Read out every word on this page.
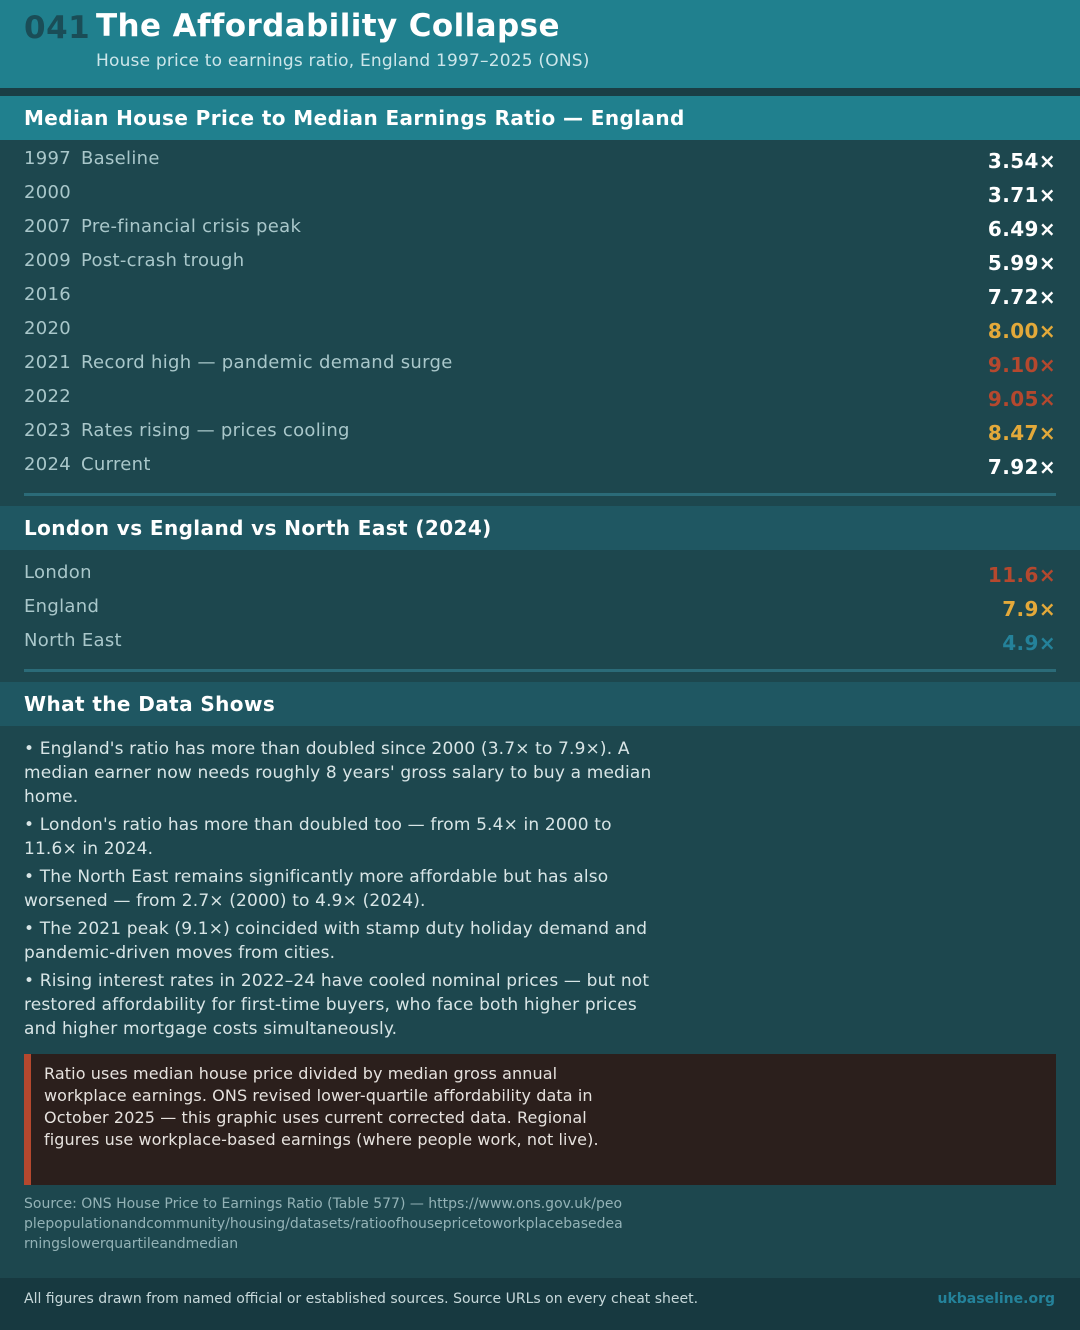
041 The Affordability Collapse
House price to earnings ratio, England 1997–2025 (ONS)
Median House Price to Median Earnings Ratio — England
1997 Baseline	3.54×
2000	3.71×
2007 Pre-financial crisis peak	6.49×
2009 Post-crash trough	5.99×
2016	7.72×
2020	8.00×
2021 Record high — pandemic demand surge	9.10×
2022	9.05×
2023 Rates rising — prices cooling	8.47×
2024 Current	7.92×
London vs England vs North East (2024)
London	11.6×
England	7.9×
North East	4.9×
What the Data Shows
• England's ratio has more than doubled since 2000 (3.7× to 7.9×). A median earner now needs roughly 8 years' gross salary to buy a median home.
• London's ratio has more than doubled too — from 5.4× in 2000 to 11.6× in 2024.
• The North East remains significantly more affordable but has also worsened — from 2.7× (2000) to 4.9× (2024).
• The 2021 peak (9.1×) coincided with stamp duty holiday demand and pandemic-driven moves from cities.
• Rising interest rates in 2022–24 have cooled nominal prices — but not restored affordability for first-time buyers, who face both higher prices and higher mortgage costs simultaneously.
Ratio uses median house price divided by median gross annual workplace earnings. ONS revised lower-quartile affordability data in October 2025 — this graphic uses current corrected data. Regional figures use workplace-based earnings (where people work, not live).
Source: ONS House Price to Earnings Ratio (Table 577) — https://www.ons.gov.uk/peoplepopulationandcommunity/housing/datasets/ratioofhousepricetoworkplacebasedearningslowerquartileandmedian
All figures drawn from named official or established sources. Source URLs on every cheat sheet.	ukbaseline.org
